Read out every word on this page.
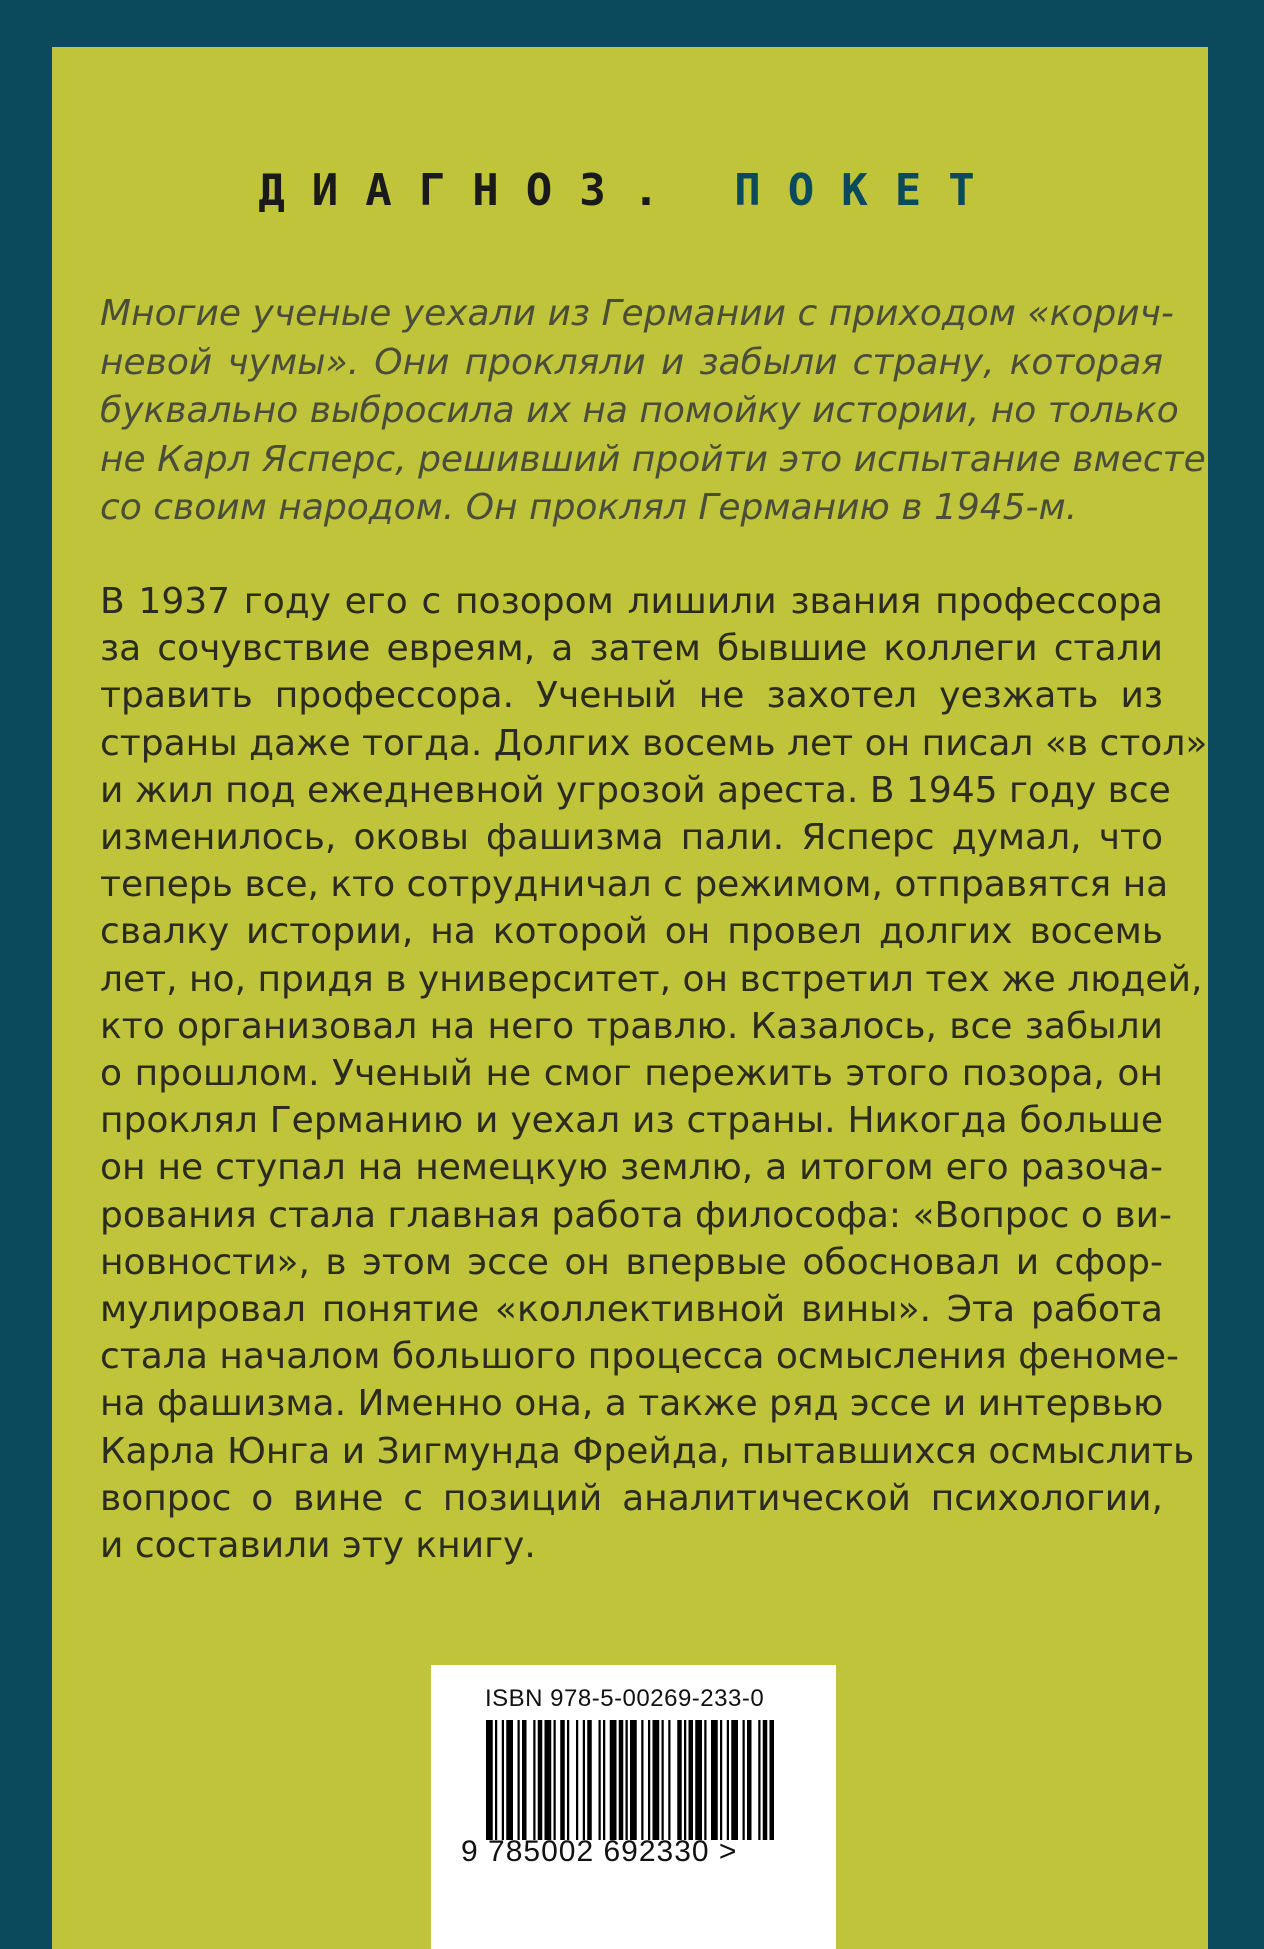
ДИАГНОЗ. ПОКЕТ

Многие ученые уехали из Германии с приходом «корич-
невой чумы». Они прокляли и забыли страну, которая
буквально выбросила их на помойку истории, но только
не Карл Ясперс, решивший пройти это испытание вместе
со своим народом. Он проклял Германию в 1945-м.

В 1937 году его с позором лишили звания профессора
за сочувствие евреям, а затем бывшие коллеги стали
травить профессора. Ученый не захотел уезжать из
страны даже тогда. Долгих восемь лет он писал «в стол»
и жил под ежедневной угрозой ареста. В 1945 году все
изменилось, оковы фашизма пали. Ясперс думал, что
теперь все, кто сотрудничал с режимом, отправятся на
свалку истории, на которой он провел долгих восемь
лет, но, придя в университет, он встретил тех же людей,
кто организовал на него травлю. Казалось, все забыли
о прошлом. Ученый не смог пережить этого позора, он
проклял Германию и уехал из страны. Никогда больше
он не ступал на немецкую землю, а итогом его разоча-
рования стала главная работа философа: «Вопрос о ви-
новности», в этом эссе он впервые обосновал и сфор-
мулировал понятие «коллективной вины». Эта работа
стала началом большого процесса осмысления феноме-
на фашизма. Именно она, а также ряд эссе и интервью
Карла Юнга и Зигмунда Фрейда, пытавшихся осмыслить
вопрос о вине с позиций аналитической психологии,
и составили эту книгу.

ISBN 978-5-00269-233-0
9 785002 692330 >
